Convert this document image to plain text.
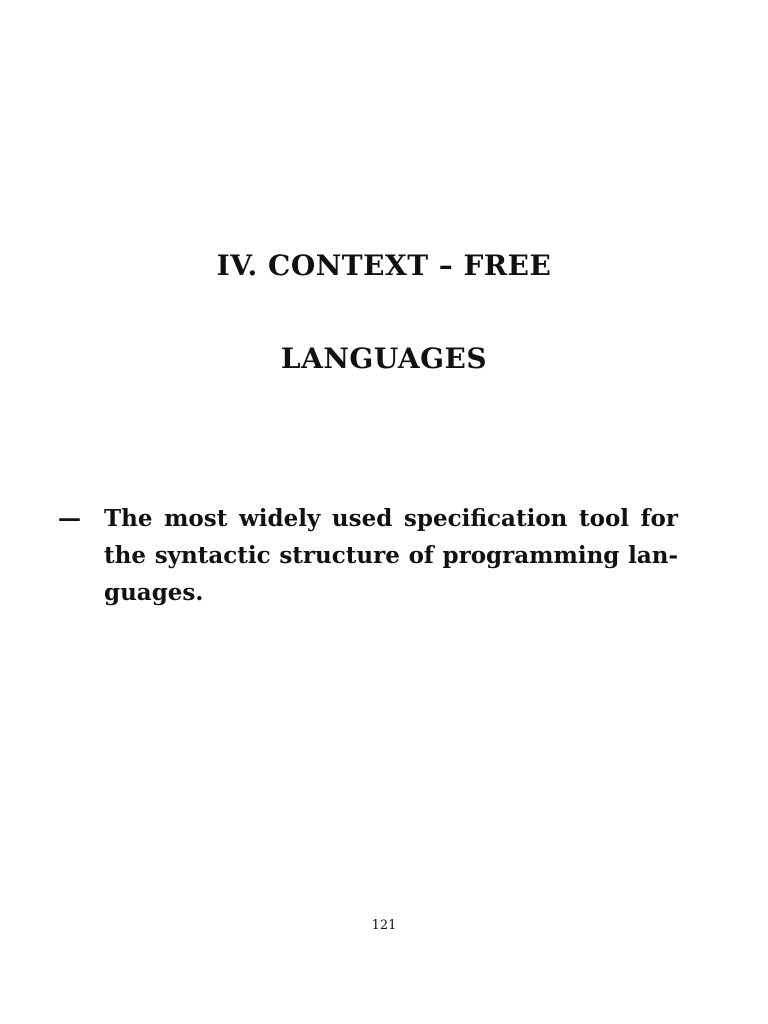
IV. CONTEXT – FREE
LANGUAGES
— The most widely used specification tool for
the syntactic structure of programming lan-
guages.
121
